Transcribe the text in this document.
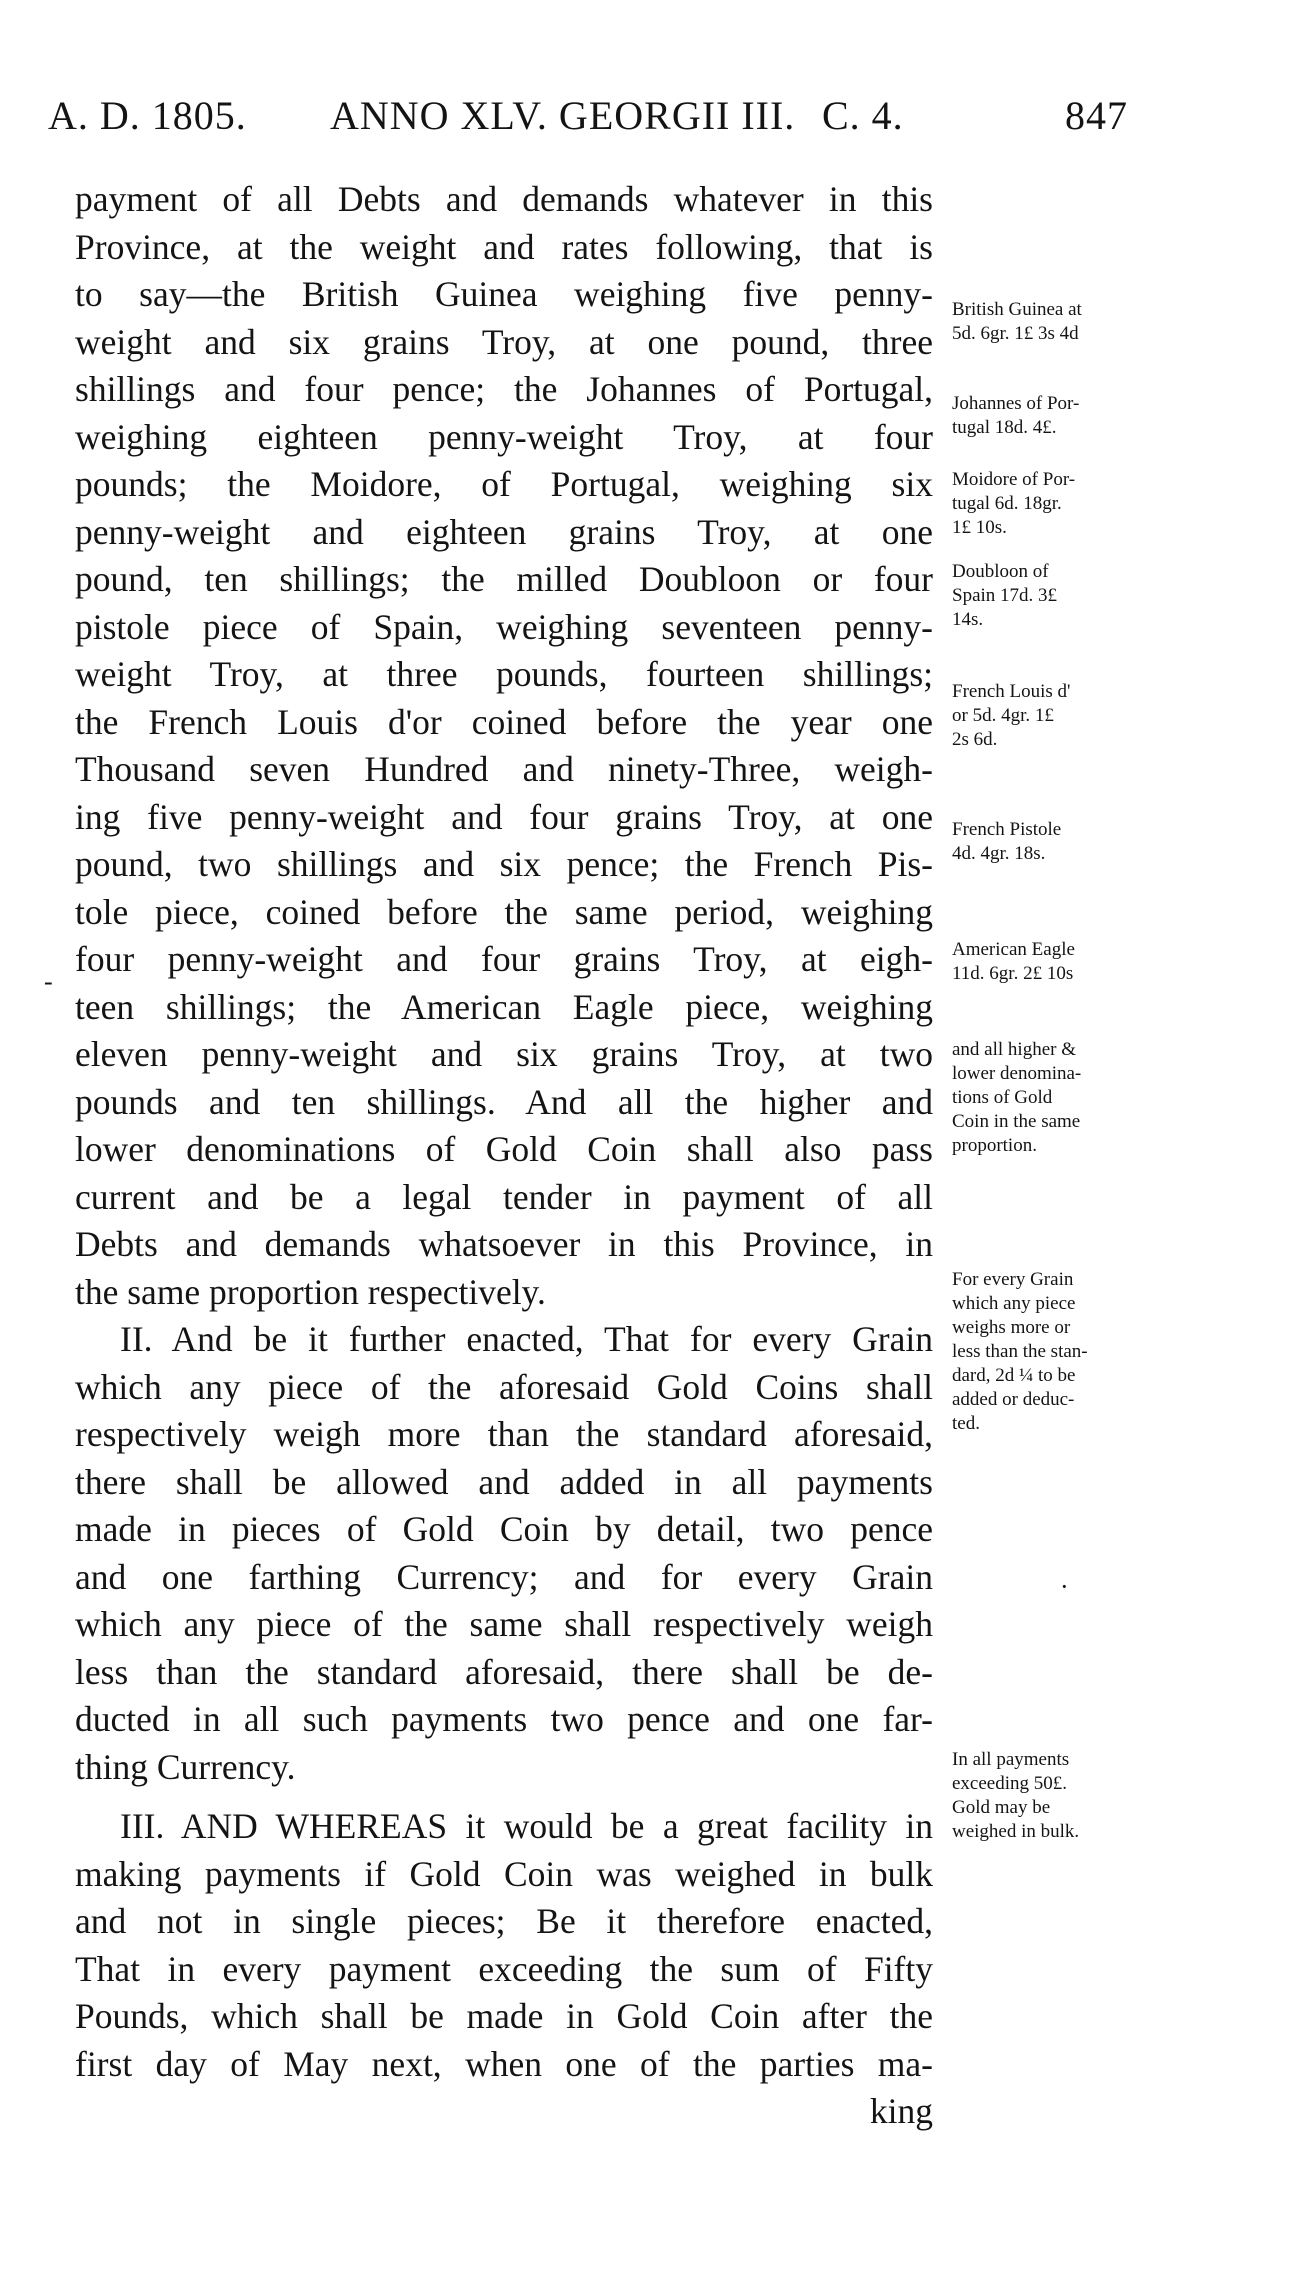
A. D. 1805. ANNO XLV. GEORGII III. C. 4.	847
payment of all Debts and demands whatever in this
Province, at the weight and rates following, that is
to say—the British Guinea weighing five penny-
weight and six grains Troy, at one pound, three
shillings and four pence; the Johannes of Portugal,
weighing eighteen penny-weight Troy, at four
pounds; the Moidore, of Portugal, weighing six
penny-weight and eighteen grains Troy, at one
pound, ten shillings; the milled Doubloon or four
pistole piece of Spain, weighing seventeen penny-
weight Troy, at three pounds, fourteen shillings;
the French Louis d'or coined before the year one
Thousand seven Hundred and ninety-Three, weigh-
ing five penny-weight and four grains Troy, at one
pound, two shillings and six pence; the French Pis-
tole piece, coined before the same period, weighing
four penny-weight and four grains Troy, at eigh-
teen shillings; the American Eagle piece, weighing
eleven penny-weight and six grains Troy, at two
pounds and ten shillings. And all the higher and
lower denominations of Gold Coin shall also pass
current and be a legal tender in payment of all
Debts and demands whatsoever in this Province, in
the same proportion respectively.
II. And be it further enacted, That for every Grain
which any piece of the aforesaid Gold Coins shall
respectively weigh more than the standard aforesaid,
there shall be allowed and added in all payments
made in pieces of Gold Coin by detail, two pence
and one farthing Currency; and for every Grain
which any piece of the same shall respectively weigh
less than the standard aforesaid, there shall be de-
ducted in all such payments two pence and one far-
thing Currency.
III. AND WHEREAS it would be a great facility in
making payments if Gold Coin was weighed in bulk
and not in single pieces; Be it therefore enacted,
That in every payment exceeding the sum of Fifty
Pounds, which shall be made in Gold Coin after the
first day of May next, when one of the parties ma-
king
British Guinea at
5d. 6gr. 1£ 3s 4d
Johannes of Por-
tugal 18d. 4£.
Moidore of Por-
tugal 6d. 18gr.
1£ 10s.
Doubloon of
Spain 17d. 3£
14s.
French Louis d'
or 5d. 4gr. 1£
2s 6d.
French Pistole
4d. 4gr. 18s.
American Eagle
11d. 6gr. 2£ 10s
and all higher &
lower denomina-
tions of Gold
Coin in the same
proportion.
For every Grain
which any piece
weighs more or
less than the stan-
dard, 2d ¼ to be
added or deduc-
ted.
In all payments
exceeding 50£.
Gold may be
weighed in bulk.
-
·
